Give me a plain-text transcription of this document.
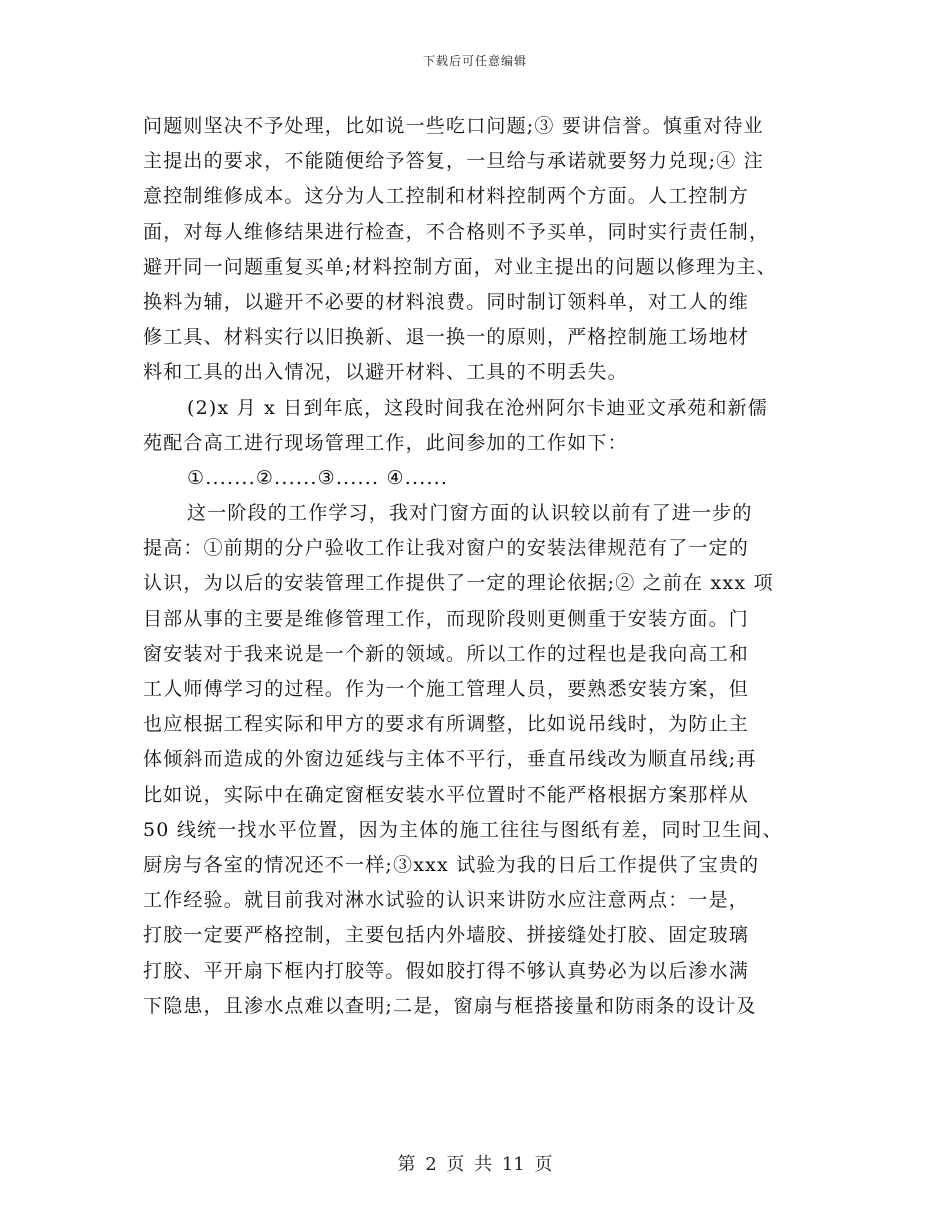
下载后可任意编辑
问题则坚决不予处理，比如说一些吃口问题;③ 要讲信誉。慎重对待业
主提出的要求，不能随便给予答复，一旦给与承诺就要努力兑现;④ 注
意控制维修成本。这分为人工控制和材料控制两个方面。人工控制方
面，对每人维修结果进行检查，不合格则不予买单，同时实行责任制，
避开同一问题重复买单;材料控制方面，对业主提出的问题以修理为主、
换料为辅，以避开不必要的材料浪费。同时制订领料单，对工人的维
修工具、材料实行以旧换新、退一换一的原则，严格控制施工场地材
料和工具的出入情况，以避开材料、工具的不明丢失。
(2)x 月 x 日到年底，这段时间我在沧州阿尔卡迪亚文承苑和新儒
苑配合高工进行现场管理工作，此间参加的工作如下：
①.......②......③...... ④......
这一阶段的工作学习，我对门窗方面的认识较以前有了进一步的
提高：①前期的分户验收工作让我对窗户的安装法律规范有了一定的
认识，为以后的安装管理工作提供了一定的理论依据;② 之前在 xxx 项
目部从事的主要是维修管理工作，而现阶段则更侧重于安装方面。门
窗安装对于我来说是一个新的领域。所以工作的过程也是我向高工和
工人师傅学习的过程。作为一个施工管理人员，要熟悉安装方案，但
也应根据工程实际和甲方的要求有所调整，比如说吊线时，为防止主
体倾斜而造成的外窗边延线与主体不平行，垂直吊线改为顺直吊线;再
比如说，实际中在确定窗框安装水平位置时不能严格根据方案那样从
50 线统一找水平位置，因为主体的施工往往与图纸有差，同时卫生间、
厨房与各室的情况还不一样;③xxx 试验为我的日后工作提供了宝贵的
工作经验。就目前我对淋水试验的认识来讲防水应注意两点：一是，
打胶一定要严格控制，主要包括内外墙胶、拼接缝处打胶、固定玻璃
打胶、平开扇下框内打胶等。假如胶打得不够认真势必为以后渗水满
下隐患，且渗水点难以查明;二是，窗扇与框搭接量和防雨条的设计及
第 2 页 共 11 页
